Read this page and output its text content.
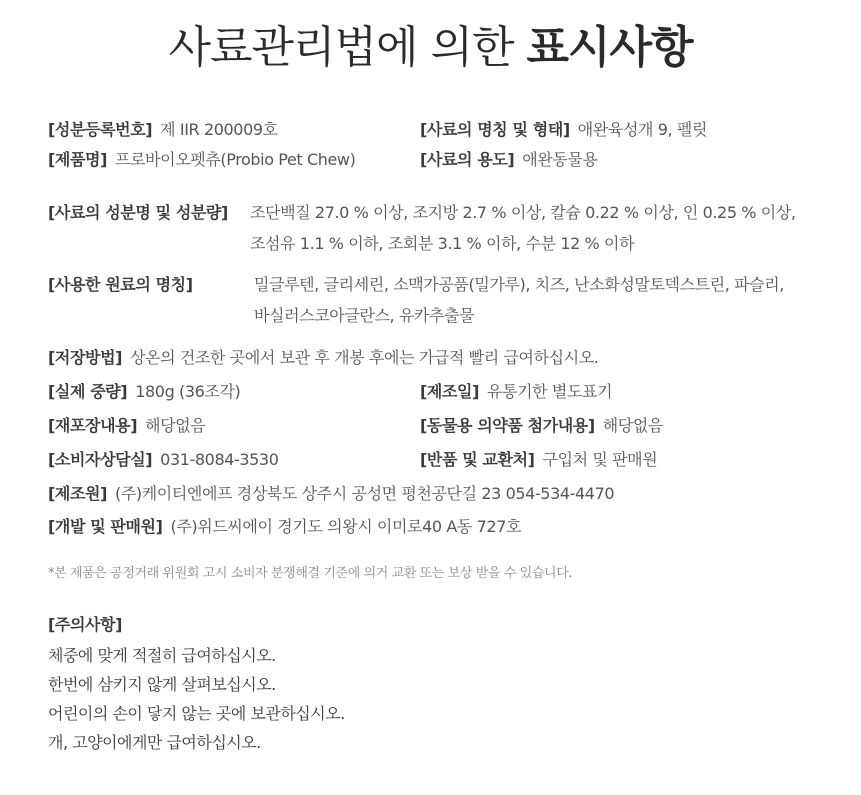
사료관리법에 의한 표시사항
[성분등록번호] 제 IIR 200009호	[사료의 명칭 및 형태] 애완육성개 9, 펠릿
[제품명] 프로바이오펫츄(Probio Pet Chew)	[사료의 용도] 애완동물용
[사료의 성분명 및 성분량] 조단백질 27.0 % 이상, 조지방 2.7 % 이상, 칼슘 0.22 % 이상, 인 0.25 % 이상,
조섬유 1.1 % 이하, 조회분 3.1 % 이하, 수분 12 % 이하
[사용한 원료의 명칭]	밀글루텐, 글리세린, 소맥가공품(밀가루), 치즈, 난소화성말토덱스트린, 파슬리,
바실러스코아글란스, 유카추출물
[저장방법] 상온의 건조한 곳에서 보관 후 개봉 후에는 가급적 빨리 급여하십시오.
[실제 중량] 180g (36조각)	[제조일] 유통기한 별도표기
[재포장내용] 해당없음	[동물용 의약품 첨가내용] 해당없음
[소비자상담실] 031-8084-3530	[반품 및 교환처] 구입처 및 판매원
[제조원] (주)케이티엔에프 경상북도 상주시 공성면 평천공단길 23 054-534-4470
[개발 및 판매원] (주)위드씨에이 경기도 의왕시 이미로40 A동 727호
*본 제품은 공정거래 위원회 고시 소비자 분쟁해결 기준에 의거 교환 또는 보상 받을 수 있습니다.
[주의사항]
체중에 맞게 적절히 급여하십시오.
한번에 삼키지 않게 살펴보십시오.
어린이의 손이 닿지 않는 곳에 보관하십시오.
개, 고양이에게만 급여하십시오.
